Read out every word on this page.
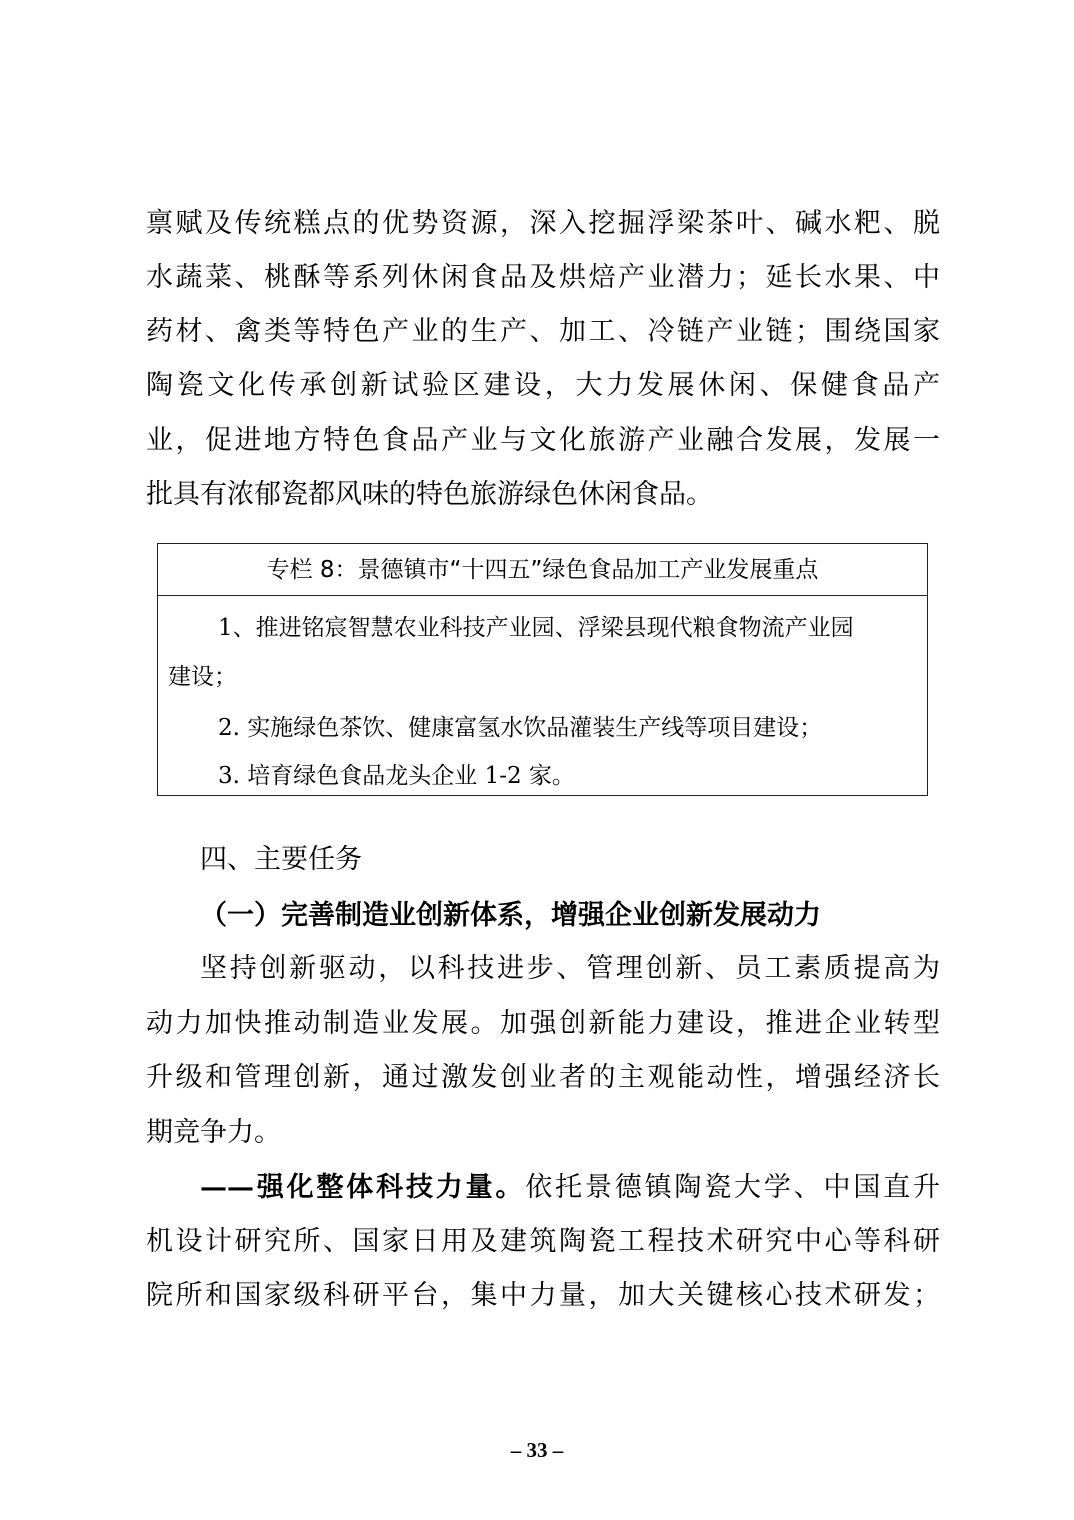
禀赋及传统糕点的优势资源，深入挖掘浮梁茶叶、碱水粑、脱
水蔬菜、桃酥等系列休闲食品及烘焙产业潜力；延长水果、中
药材、禽类等特色产业的生产、加工、冷链产业链；围绕国家
陶瓷文化传承创新试验区建设，大力发展休闲、保健食品产
业，促进地方特色食品产业与文化旅游产业融合发展，发展一
批具有浓郁瓷都风味的特色旅游绿色休闲食品。
专栏 8：景德镇市“十四五”绿色食品加工产业发展重点
1、推进铭宸智慧农业科技产业园、浮梁县现代粮食物流产业园
建设；
2. 实施绿色茶饮、健康富氢水饮品灌装生产线等项目建设；
3. 培育绿色食品龙头企业 1-2 家。
四、主要任务
（一）完善制造业创新体系，增强企业创新发展动力
坚持创新驱动，以科技进步、管理创新、员工素质提高为
动力加快推动制造业发展。加强创新能力建设，推进企业转型
升级和管理创新，通过激发创业者的主观能动性，增强经济长
期竞争力。
——强化整体科技力量。依托景德镇陶瓷大学、中国直升
机设计研究所、国家日用及建筑陶瓷工程技术研究中心等科研
院所和国家级科研平台，集中力量，加大关键核心技术研发；
– 33 –
